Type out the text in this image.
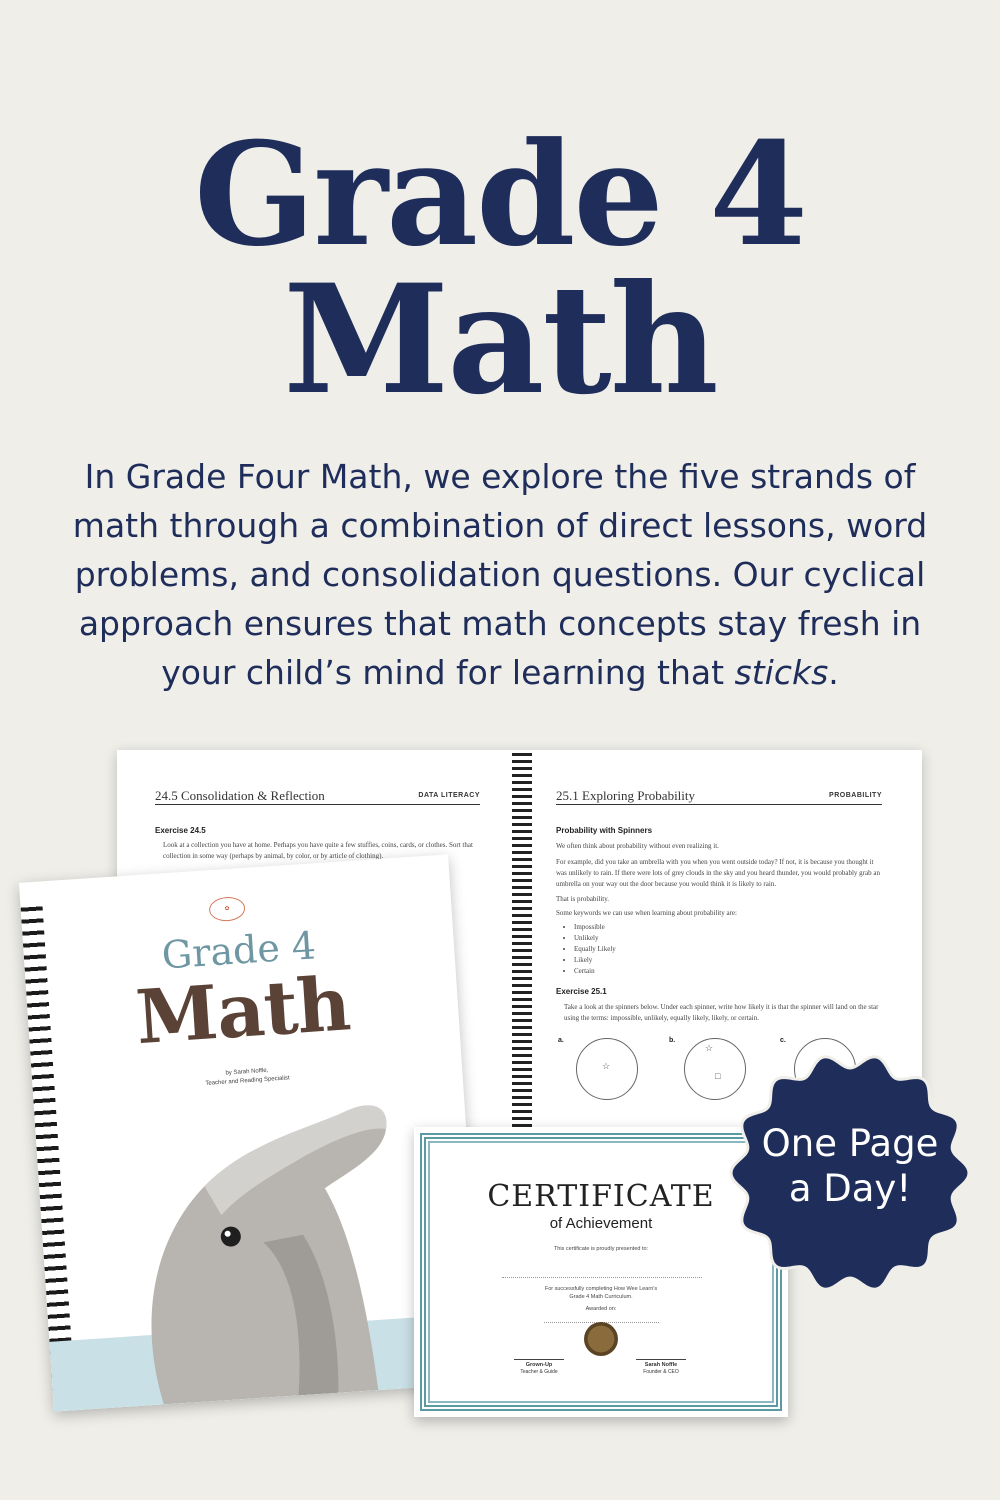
Grade 4
Math

In Grade Four Math, we explore the five strands of math through a combination of direct lessons, word problems, and consolidation questions. Our cyclical approach ensures that math concepts stay fresh in your child’s mind for learning that sticks.

24.5 Consolidation & Reflection	DATA LITERACY
Exercise 24.5
Look at a collection you have at home. Perhaps you have quite a few stuffies, coins, cards, or clothes. Sort that collection in some way (perhaps by animal, by color, or by article of clothing).
25.1 Exploring Probability	PROBABILITY
Probability with Spinners
We often think about probability without even realizing it.
For example, did you take an umbrella with you when you went outside today? If not, it is because you thought it was unlikely to rain. If there were lots of grey clouds in the sky and you heard thunder, you would probably grab an umbrella on your way out the door because you would think it is likely to rain.
That is probability.
Some keywords we can use when learning about probability are:
• Impossible
• Unlikely
• Equally Likely
• Likely
• Certain
Exercise 25.1
Take a look at the spinners below. Under each spinner, write how likely it is that the spinner will land on the star using the terms: impossible, unlikely, equally likely, likely, or certain.
a.
☆
b.
☆
□
c.
✿
Grade 4
Math
by Sarah Noffle,
Teacher and Reading Specialist
CERTIFICATE
of Achievement
This certificate is proudly presented to:
For successfully completing How Wee Learn’s
Grade 4 Math Curriculum.
Awarded on:
Grown-Up
Teacher & Guide
Sarah Noffle
Founder & CEO
One Page
a Day!
